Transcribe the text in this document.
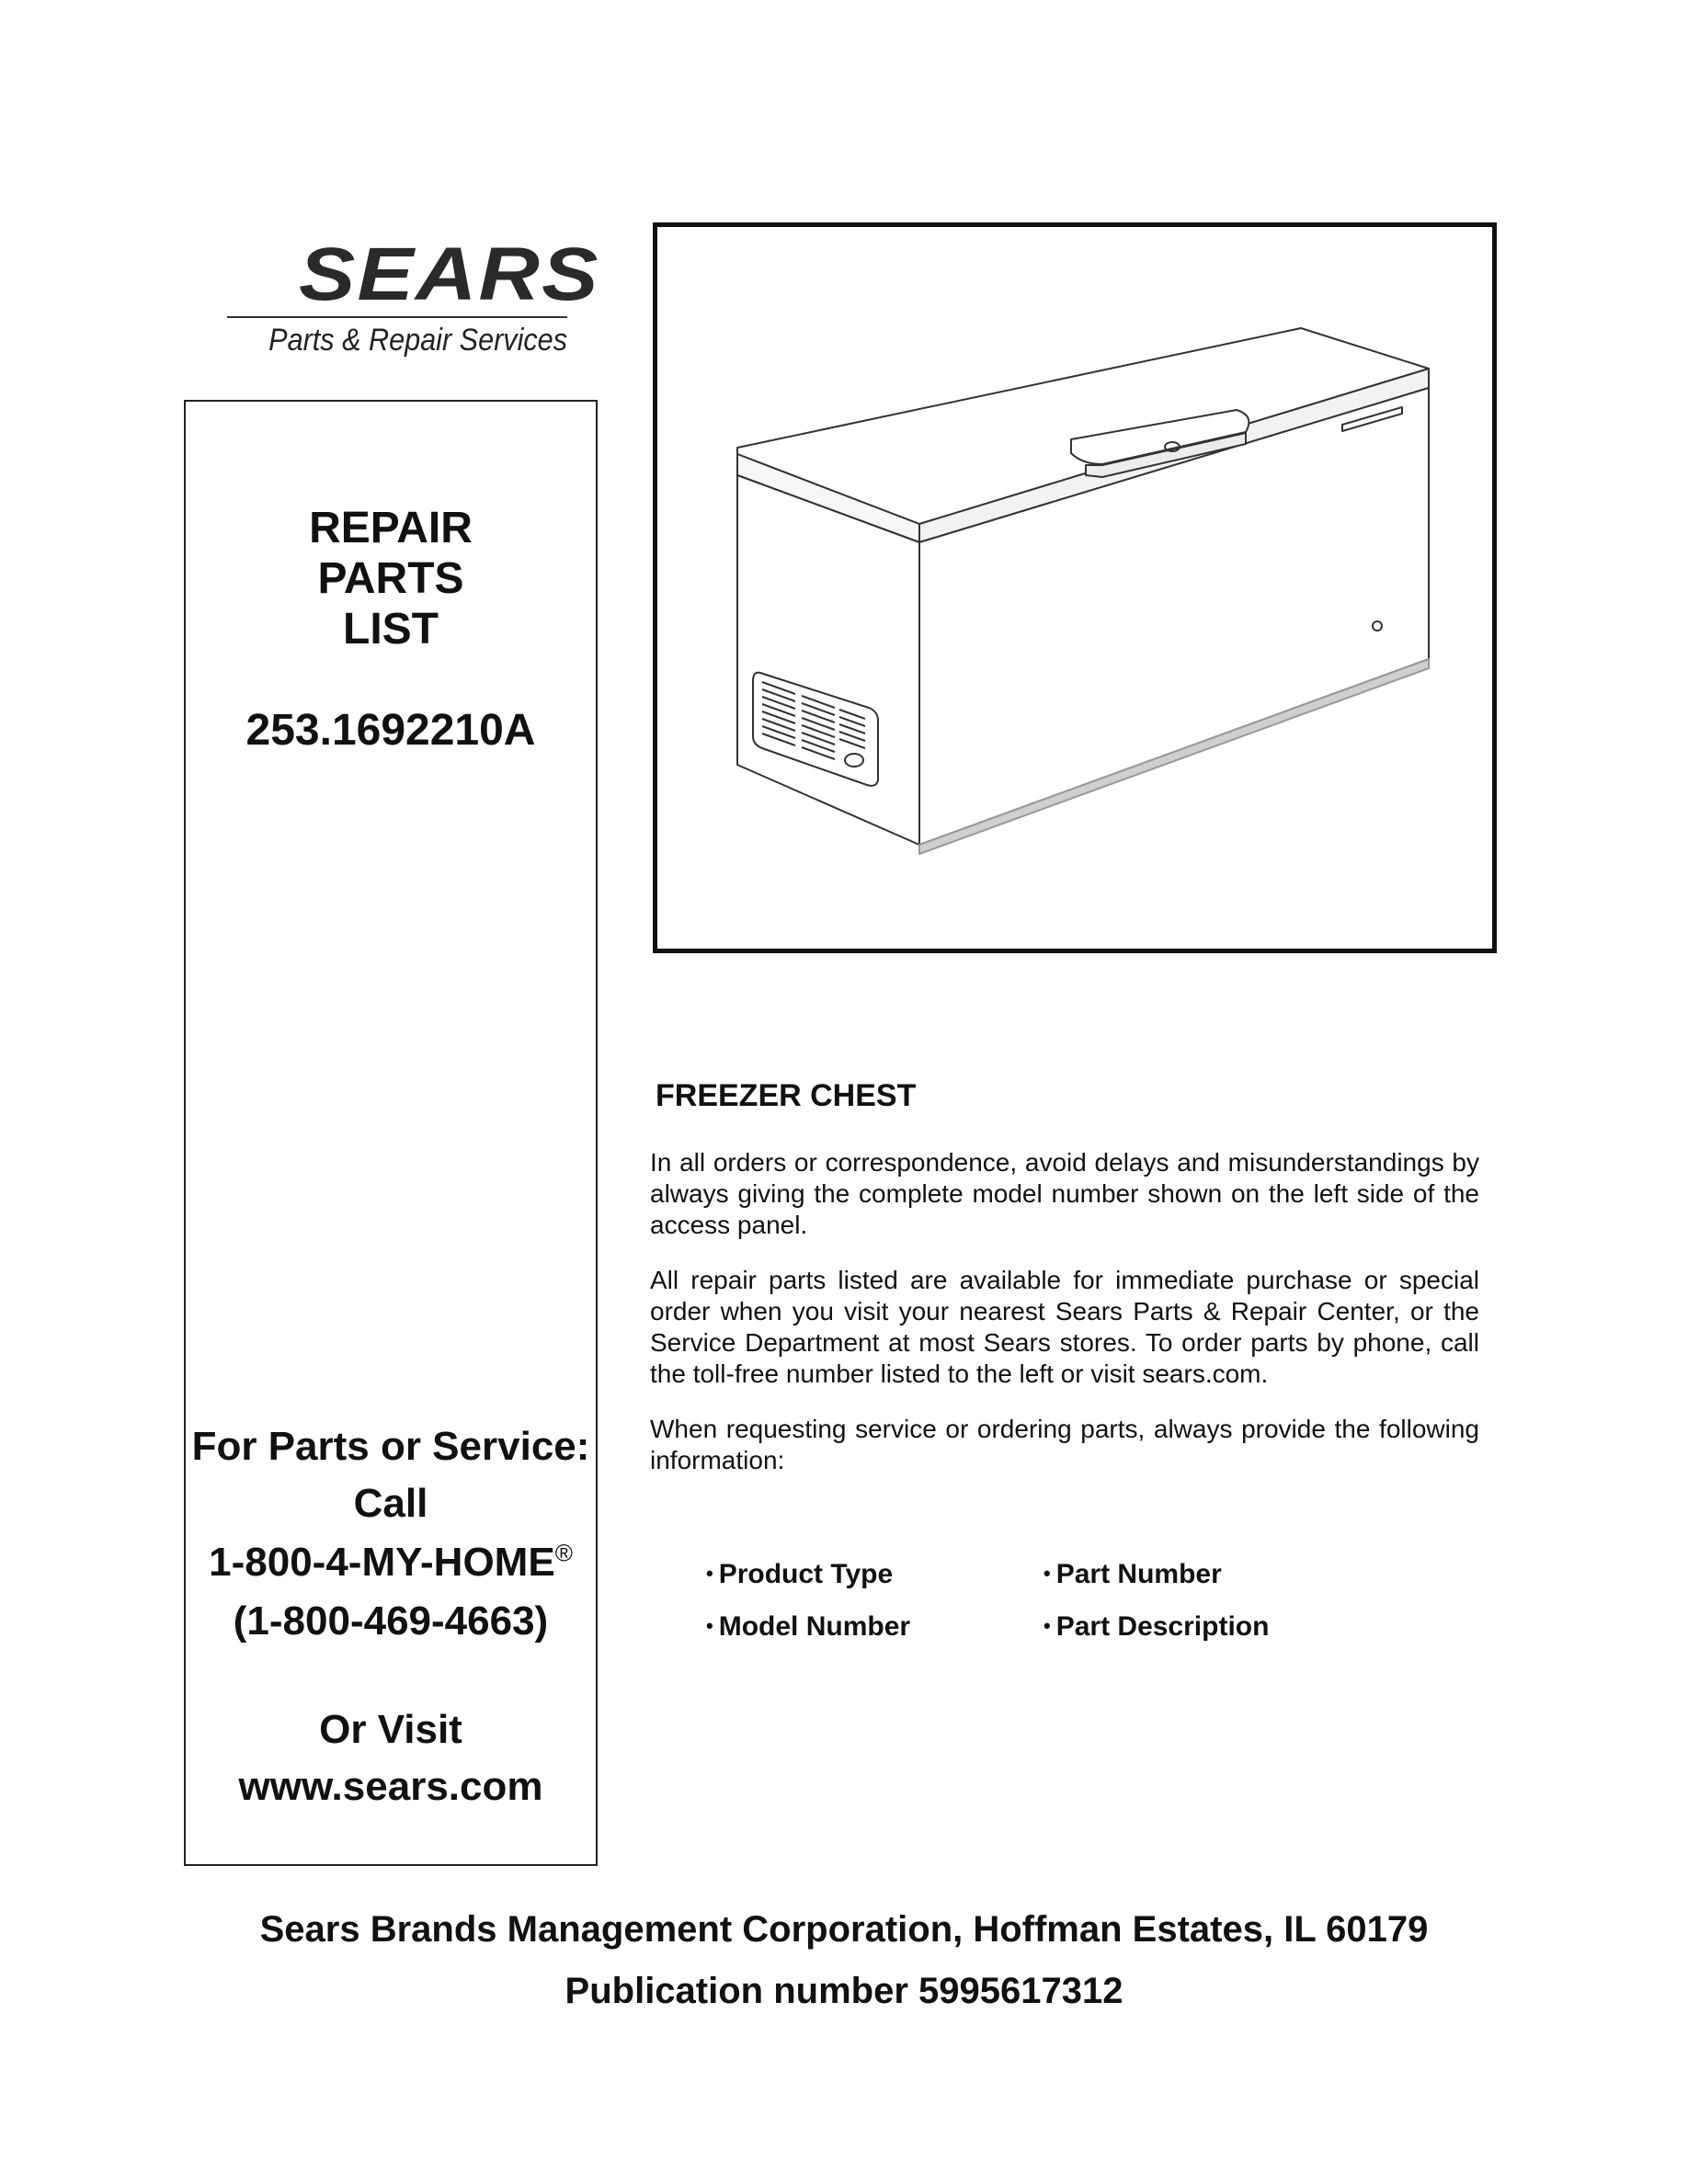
SEARS
Parts & Repair Services
REPAIR
PARTS
LIST
253.1692210A
For Parts or Service:
Call
1-800-4-MY-HOME®
(1-800-469-4663)
Or Visit
www.sears.com
FREEZER CHEST

In all orders or correspondence, avoid delays and misunderstandings by always giving the complete model number shown on the left side of the access panel.

All repair parts listed are available for immediate purchase or special order when you visit your nearest Sears Parts & Repair Center, or the Service Department at most Sears stores. To order parts by phone, call the toll-free number listed to the left or visit sears.com.

When requesting service or ordering parts, always provide the following information:

• Product Type	• Part Number
• Model Number	• Part Description
Sears Brands Management Corporation, Hoffman Estates, IL 60179
Publication number 5995617312
